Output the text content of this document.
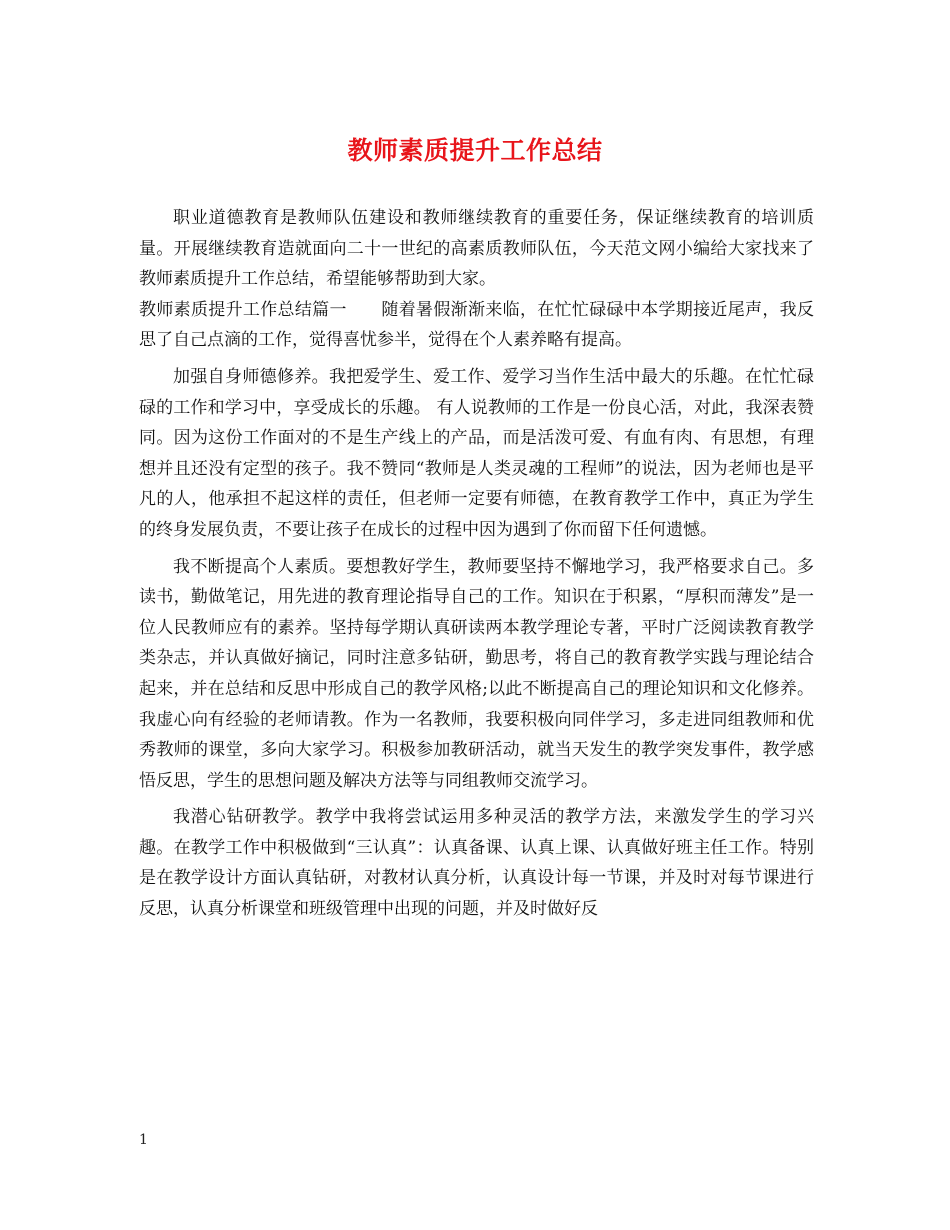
教师素质提升工作总结

职业道德教育是教师队伍建设和教师继续教育的重要任务，保证继续教育的培训质量。开展继续教育造就面向二十一世纪的高素质教师队伍，今天范文网小编给大家找来了教师素质提升工作总结，希望能够帮助到大家。

教师素质提升工作总结篇一　　随着暑假渐渐来临，在忙忙碌碌中本学期接近尾声，我反思了自己点滴的工作，觉得喜忧参半，觉得在个人素养略有提高。

加强自身师德修养。我把爱学生、爱工作、爱学习当作生活中最大的乐趣。在忙忙碌碌的工作和学习中，享受成长的乐趣。 有人说教师的工作是一份良心活，对此，我深表赞同。因为这份工作面对的不是生产线上的产品，而是活泼可爱、有血有肉、有思想，有理想并且还没有定型的孩子。我不赞同“教师是人类灵魂的工程师”的说法，因为老师也是平凡的人，他承担不起这样的责任，但老师一定要有师德，在教育教学工作中，真正为学生的终身发展负责，不要让孩子在成长的过程中因为遇到了你而留下任何遗憾。

我不断提高个人素质。要想教好学生，教师要坚持不懈地学习，我严格要求自己。多读书，勤做笔记，用先进的教育理论指导自己的工作。知识在于积累，“厚积而薄发”是一位人民教师应有的素养。坚持每学期认真研读两本教学理论专著，平时广泛阅读教育教学类杂志，并认真做好摘记，同时注意多钻研，勤思考，将自己的教育教学实践与理论结合起来，并在总结和反思中形成自己的教学风格;以此不断提高自己的理论知识和文化修养。我虚心向有经验的老师请教。作为一名教师，我要积极向同伴学习，多走进同组教师和优秀教师的课堂，多向大家学习。积极参加教研活动，就当天发生的教学突发事件，教学感悟反思，学生的思想问题及解决方法等与同组教师交流学习。

我潜心钻研教学。教学中我将尝试运用多种灵活的教学方法，来激发学生的学习兴趣。在教学工作中积极做到“三认真”：认真备课、认真上课、认真做好班主任工作。特别是在教学设计方面认真钻研，对教材认真分析，认真设计每一节课，并及时对每节课进行反思，认真分析课堂和班级管理中出现的问题，并及时做好反

1
